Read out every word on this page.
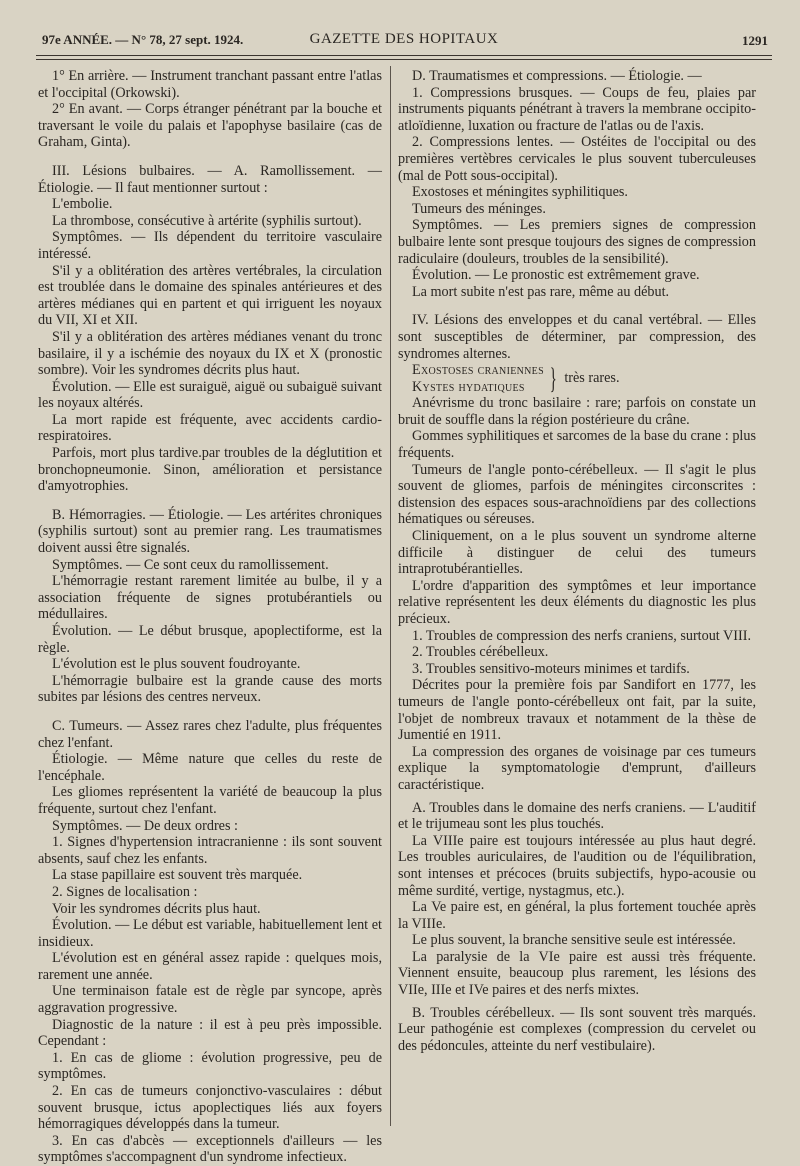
97e ANNÉE. — N° 78, 27 sept. 1924.	GAZETTE DES HOPITAUX	1291

1° En arrière. — Instrument tranchant passant entre l'atlas et l'occipital (Orkowski).

2° En avant. — Corps étranger pénétrant par la bouche et traversant le voile du palais et l'apophyse basilaire (cas de Graham, Ginta).

III. Lésions bulbaires. — A. Ramollissement. — Étiologie. — Il faut mentionner surtout :

L'embolie.

La thrombose, consécutive à artérite (syphilis surtout).

Symptômes. — Ils dépendent du territoire vasculaire intéressé.

S'il y a oblitération des artères vertébrales, la circulation est troublée dans le domaine des spinales antérieures et des artères médianes qui en partent et qui irriguent les noyaux du VII, XI et XII.

S'il y a oblitération des artères médianes venant du tronc basilaire, il y a ischémie des noyaux du IX et X (pronostic sombre). Voir les syndromes décrits plus haut.

Évolution. — Elle est suraiguë, aiguë ou subaiguë suivant les noyaux altérés.

La mort rapide est fréquente, avec accidents cardio-respiratoires.

Parfois, mort plus tardive.par troubles de la déglutition et bronchopneumonie. Sinon, amélioration et persistance d'amyotrophies.

B. Hémorragies. — Étiologie. — Les artérites chroniques (syphilis surtout) sont au premier rang. Les traumatismes doivent aussi être signalés.

Symptômes. — Ce sont ceux du ramollissement.

L'hémorragie restant rarement limitée au bulbe, il y a association fréquente de signes protubérantiels ou médullaires.

Évolution. — Le début brusque, apoplectiforme, est la règle.

L'évolution est le plus souvent foudroyante.

L'hémorragie bulbaire est la grande cause des morts subites par lésions des centres nerveux.

C. Tumeurs. — Assez rares chez l'adulte, plus fréquentes chez l'enfant.

Étiologie. — Même nature que celles du reste de l'encéphale.

Les gliomes représentent la variété de beaucoup la plus fréquente, surtout chez l'enfant.

Symptômes. — De deux ordres :

1. Signes d'hypertension intracranienne : ils sont souvent absents, sauf chez les enfants.

La stase papillaire est souvent très marquée.

2. Signes de localisation :

Voir les syndromes décrits plus haut.

Évolution. — Le début est variable, habituellement lent et insidieux.

L'évolution est en général assez rapide : quelques mois, rarement une année.

Une terminaison fatale est de règle par syncope, après aggravation progressive.

Diagnostic de la nature : il est à peu près impossible. Cependant :

1. En cas de gliome : évolution progressive, peu de symptômes.

2. En cas de tumeurs conjonctivo-vasculaires : début souvent brusque, ictus apoplectiques liés aux foyers hémorragiques développés dans la tumeur.

3. En cas d'abcès — exceptionnels d'ailleurs — les symptômes s'accompagnent d'un syndrome infectieux.

D. Traumatismes et compressions. — Étiologie. —

1. Compressions brusques. — Coups de feu, plaies par instruments piquants pénétrant à travers la membrane occipito-atloïdienne, luxation ou fracture de l'atlas ou de l'axis.

2. Compressions lentes. — Ostéites de l'occipital ou des premières vertèbres cervicales le plus souvent tuberculeuses (mal de Pott sous-occipital).

Exostoses et méningites syphilitiques.

Tumeurs des méninges.

Symptômes. — Les premiers signes de compression bulbaire lente sont presque toujours des signes de compression radiculaire (douleurs, troubles de la sensibilité).

Évolution. — Le pronostic est extrêmement grave.

La mort subite n'est pas rare, même au début.

IV. Lésions des enveloppes et du canal vertébral. — Elles sont susceptibles de déterminer, par compression, des syndromes alternes.

Exostoses craniennes
Kystes hydatiques } très rares.

Anévrisme du tronc basilaire : rare; parfois on constate un bruit de souffle dans la région postérieure du crâne.

Gommes syphilitiques et sarcomes de la base du crane : plus fréquents.

Tumeurs de l'angle ponto-cérébelleux. — Il s'agit le plus souvent de gliomes, parfois de méningites circonscrites : distension des espaces sous-arachnoïdiens par des collections hématiques ou séreuses.

Cliniquement, on a le plus souvent un syndrome alterne difficile à distinguer de celui des tumeurs intraprotubérantielles.

L'ordre d'apparition des symptômes et leur importance relative représentent les deux éléments du diagnostic les plus précieux.

1. Troubles de compression des nerfs craniens, surtout VIII.

2. Troubles cérébelleux.

3. Troubles sensitivo-moteurs minimes et tardifs.

Décrites pour la première fois par Sandifort en 1777, les tumeurs de l'angle ponto-cérébelleux ont fait, par la suite, l'objet de nombreux travaux et notamment de la thèse de Jumentié en 1911.

La compression des organes de voisinage par ces tumeurs explique la symptomatologie d'emprunt, d'ailleurs caractéristique.

A. Troubles dans le domaine des nerfs craniens. — L'auditif et le trijumeau sont les plus touchés.

La VIIIe paire est toujours intéressée au plus haut degré. Les troubles auriculaires, de l'audition ou de l'équilibration, sont intenses et précoces (bruits subjectifs, hypo-acousie ou même surdité, vertige, nystagmus, etc.).

La Ve paire est, en général, la plus fortement touchée après la VIIIe.

Le plus souvent, la branche sensitive seule est intéressée.

La paralysie de la VIe paire est aussi très fréquente. Viennent ensuite, beaucoup plus rarement, les lésions des VIIe, IIIe et IVe paires et des nerfs mixtes.

B. Troubles cérébelleux. — Ils sont souvent très marqués. Leur pathogénie est complexes (compression du cervelet ou des pédoncules, atteinte du nerf vestibulaire).
